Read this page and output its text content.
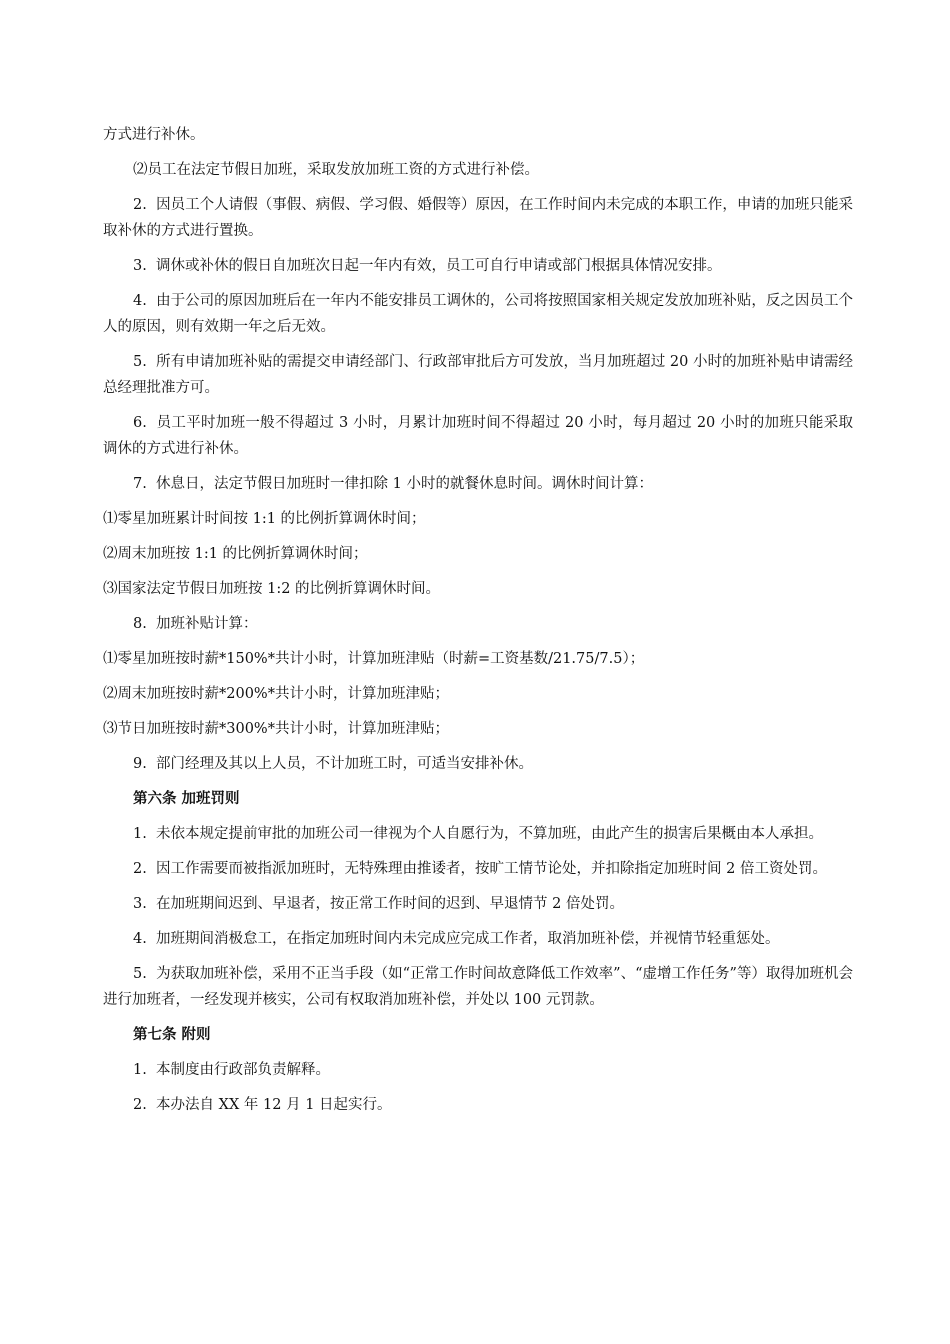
方式进行补休。

⑵员工在法定节假日加班，采取发放加班工资的方式进行补偿。

2.  因员工个人请假（事假、病假、学习假、婚假等）原因，在工作时间内未完成的本职工作，申请的加班只能采取补休的方式进行置换。

3.  调休或补休的假日自加班次日起一年内有效，员工可自行申请或部门根据具体情况安排。

4.  由于公司的原因加班后在一年内不能安排员工调休的，公司将按照国家相关规定发放加班补贴，反之因员工个人的原因，则有效期一年之后无效。

5.  所有申请加班补贴的需提交申请经部门、行政部审批后方可发放，当月加班超过 20 小时的加班补贴申请需经总经理批准方可。

6.  员工平时加班一般不得超过 3 小时，月累计加班时间不得超过 20 小时，每月超过 20 小时的加班只能采取调休的方式进行补休。

7.  休息日，法定节假日加班时一律扣除 1 小时的就餐休息时间。调休时间计算：

⑴零星加班累计时间按 1:1 的比例折算调休时间；

⑵周末加班按 1:1 的比例折算调休时间；

⑶国家法定节假日加班按 1:2 的比例折算调休时间。

8.  加班补贴计算：

⑴零星加班按时薪*150%*共计小时，计算加班津贴（时薪=工资基数/21.75/7.5）；

⑵周末加班按时薪*200%*共计小时，计算加班津贴；

⑶节日加班按时薪*300%*共计小时，计算加班津贴；

9.  部门经理及其以上人员，不计加班工时，可适当安排补休。

第六条 加班罚则

1.  未依本规定提前审批的加班公司一律视为个人自愿行为，不算加班，由此产生的损害后果概由本人承担。

2.  因工作需要而被指派加班时，无特殊理由推诿者，按旷工情节论处，并扣除指定加班时间 2 倍工资处罚。

3.  在加班期间迟到、早退者，按正常工作时间的迟到、早退情节 2 倍处罚。

4.  加班期间消极怠工，在指定加班时间内未完成应完成工作者，取消加班补偿，并视情节轻重惩处。

5.  为获取加班补偿，采用不正当手段（如“正常工作时间故意降低工作效率”、“虚增工作任务”等）取得加班机会进行加班者，一经发现并核实，公司有权取消加班补偿，并处以 100 元罚款。

第七条 附则

1.  本制度由行政部负责解释。

2.  本办法自 XX 年 12 月 1 日起实行。
